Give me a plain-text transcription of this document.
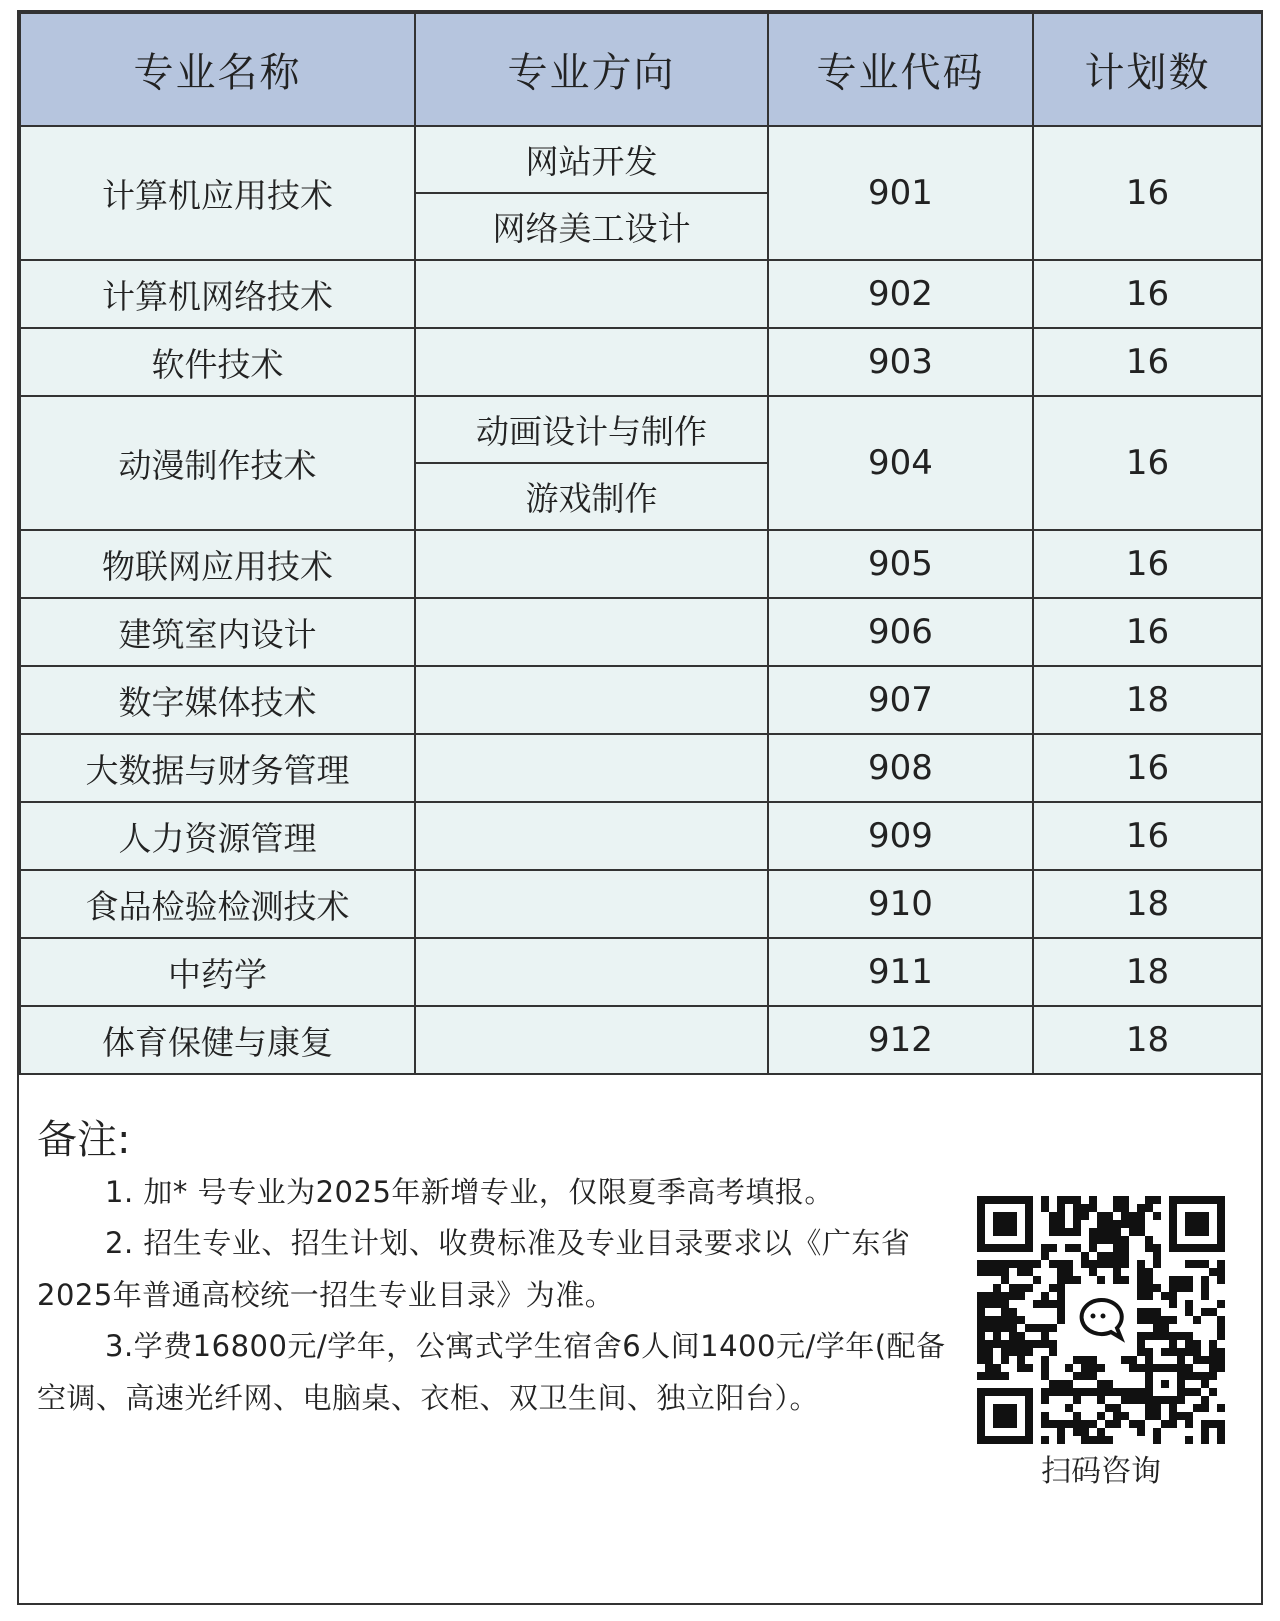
专业名称	专业方向	专业代码	计划数
计算机应用技术	网站开发	901	16
	网络美工设计		
计算机网络技术		902	16
软件技术		903	16
动漫制作技术	动画设计与制作	904	16
	游戏制作		
物联网应用技术		905	16
建筑室内设计		906	16
数字媒体技术		907	18
大数据与财务管理		908	16
人力资源管理		909	16
食品检验检测技术		910	18
中药学		911	18
体育保健与康复		912	18
备注:
1. 加* 号专业为2025年新增专业，仅限夏季高考填报。
2. 招生专业、招生计划、收费标准及专业目录要求以《广东省2025年普通高校统一招生专业目录》为准。
3.学费16800元/学年，公寓式学生宿舍6人间1400元/学年(配备空调、高速光纤网、电脑桌、衣柜、双卫生间、独立阳台）。
扫码咨询
